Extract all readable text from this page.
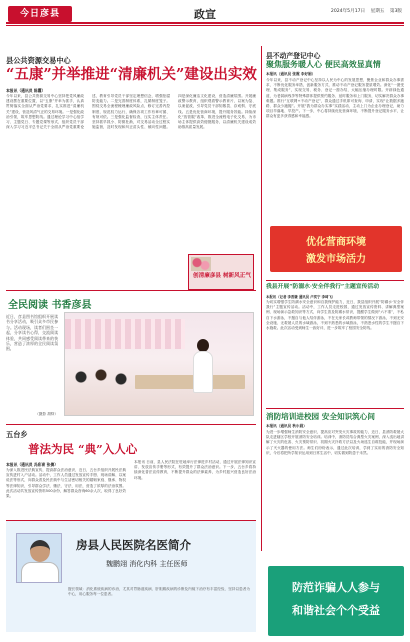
今日彦县	政宣	2024年5月17日 星期五 第3版
县公共资源交易中心
“五康”并举推进“清廉机关”建设出实效
本报讯（通讯员 陈霞）
今年以来，县公共资源交易中心坚持把党风廉政建设摆在重要位置，以“五康”并举为抓手，认真贯彻落实全面从严治党要求，扎实推进“清廉机关”建设，营造风清气正的交易环境。一是强化政治引领，筑牢思想防线。通过理论学习中心组学习、主题党日、专题党课等形式，组织党员干部深入学习习近平总书记关于全面从严治党重要论述，教育引导党员干部坚定理想信念，增强拒腐防变能力。二是完善制度体系，扎紧制度笼子。围绕交易全流程梳理廉政风险点，修订完善内控制度，规范权力运行，确保各项工作有章可循、有规可依。三是强化监督检查，压实主体责任。坚持抓早抓小、防微杜渐，对交易活动全过程实施监督，及时发现和纠正苗头性、倾向性问题。四是深化廉洁文化建设，营造清廉氛围。开展廉政警示教育，组织观看警示教育片，以案为鉴、以案促改，引导党员干部知敬畏、存戒惧、守底线。五是优化营商环境，提升服务效能。持续深化“放管服”改革，推进全流程电子化交易，为市场主体提供高效便捷服务，以清廉机关建设成效助推高质量发展。
创清廉彦县 树新风正气
全民阅读 书香彦县
近日，彦县图书馆组织开展读书分享活动，吸引众多市民参与。活动现场，读者们围坐一起，分享读书心得，交流阅读体验，共同感受阅读带来的快乐，营造了浓厚的全民阅读氛围。
（摄影 胡铎）
五台乡
普法为民 “典”入人心
本报讯（通讯员 冯彩育 张倩）
为深入推进民法典宣传，提高群众法治意识，近日，五台乡组织开展民法典宣传进村入户活动。活动中，工作人员通过发放宣传手册、现场讲解、以案说法等形式，向群众普及民法典中与生活密切相关的婚姻家庭、继承、物权等法律知识，引导群众学法、懂法、守法、用法，营造了浓厚的法治氛围。此次活动共发放宣传资料500余份，解答群众咨询60余人次，取得了良好效果。
本报讯 日前，县人民法院在驻地举行法律进乡村活动，通过开展法律知识宣讲、发放宣传手册等形式，有效提升了群众法治意识。下一步，五台乡将持续深化普法宣传教育，不断提升群众的法律素养，为乡村振兴营造良好法治环境。
房县人民医院名医简介
魏鹏翊 消化内科 主任医师
擅长领域：消化系统疾病的诊治，尤其对胃肠道疾病、肝胆胰疾病的诊断及内镜下治疗有丰富经验，坚持以患者为中心，用心服务每一位患者。
县不动产登记中心
聚焦服务暖人心 便民高效显真情
本报讯（通讯员 张霞 李好娟）
今年以来，县不动产登记中心坚持以人民为中心的发展思想，聚焦企业和群众办事需求，不断优化服务举措，创新服务方式，推动不动产登记服务提质增效。深化“一窗受理、集成服务”，实现交易、税务、登记一窗办结，大幅压缩办理时限。开辟绿色通道，为老弱病残孕等特殊群体提供预约服务、延时服务和上门服务，切实解决群众办事难题。推行“互联网+不动产登记”，群众通过手机即可查询、申请，实现“让数据多跑路、群众少跑腿”。开展“我为群众办实事”实践活动，主动上门为企业办理登记，助力项目早落地、早投产。下一步，中心将持续优化营商环境，不断提升登记服务水平，让群众有更多获得感和幸福感。
优化营商环境
激发市场活力
我县开展“防溺水·安全伴我行”主题宣传活动
本报讯（记者 李香谦 通讯员 卢奕宁 李琦飞）
为切实增强学生防溺水安全意识和自我保护能力，近日，我县组织开展“防溺水·安全伴我行”主题宣传活动。活动中，工作人员走进校园，通过发放宣传资料、讲解典型案例、现场演示急救知识等方式，向学生普及防溺水常识，提醒学生做到“六不准”，不私自下水游泳，不擅自与他人结伴游泳，不在无家长或教师带领的情况下游泳，不到无安全设施、无救援人员的水域游泳，不到不熟悉的水域游泳，不熟悉水性的学生不擅自下水施救。此次活动受到师生一致好评，进一步筑牢了校园安全防线。
消防培训进校园 安全知识筑心间
本报讯（通讯员 秋尔晨）
为进一步增强师生消防安全意识，提高应对突发火灾事故的能力，近日，县消防救援大队走进辖区学校开展消防安全培训。培训中，消防员结合典型火灾案例，深入浅出地讲解了火灾的危害、火灾预防常识、初期火灾扑救方法以及火场逃生自救技能，并现场演示了灭火器的使用方法。师生们纷纷表示，通过此次培训，学到了实用的消防安全知识，今后将把所学知识运用到日常生活中，切实做到防患于未然。
防范诈骗人人参与
和谐社会个个受益
